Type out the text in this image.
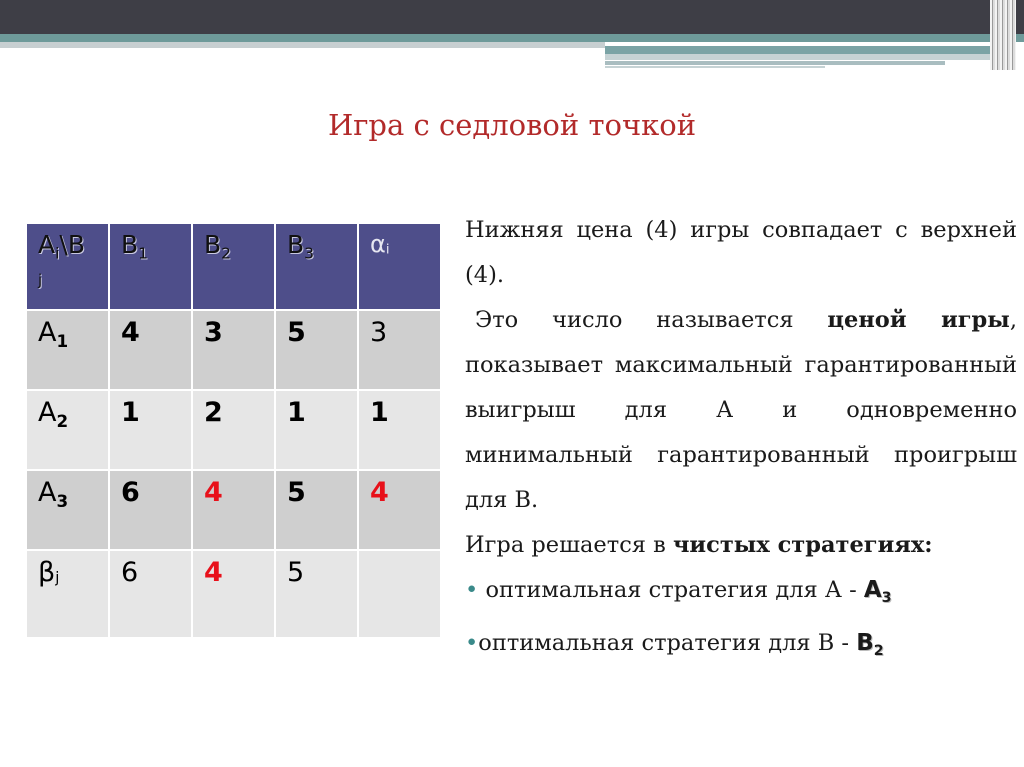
Игра с седловой точкой
$A_i\backslash B$
j	$B_1$	$B_2$	$B_3$	αi
$A_1$	4	3	5	3
$A_2$	1	2	1	1
$A_3$	6	4	5	4
βj	6	4	5	

Нижняя цена (4) игры совпадает с верхней (4).

Это число называется ценой игры, показывает максимальный гарантированный выигрыш для А и одновременно минимальный гарантированный проигрыш для В.

Игра решается в чистых стратегиях:

• оптимальная стратегия для А - $A_3$

•оптимальная стратегия для В - $B_2$
